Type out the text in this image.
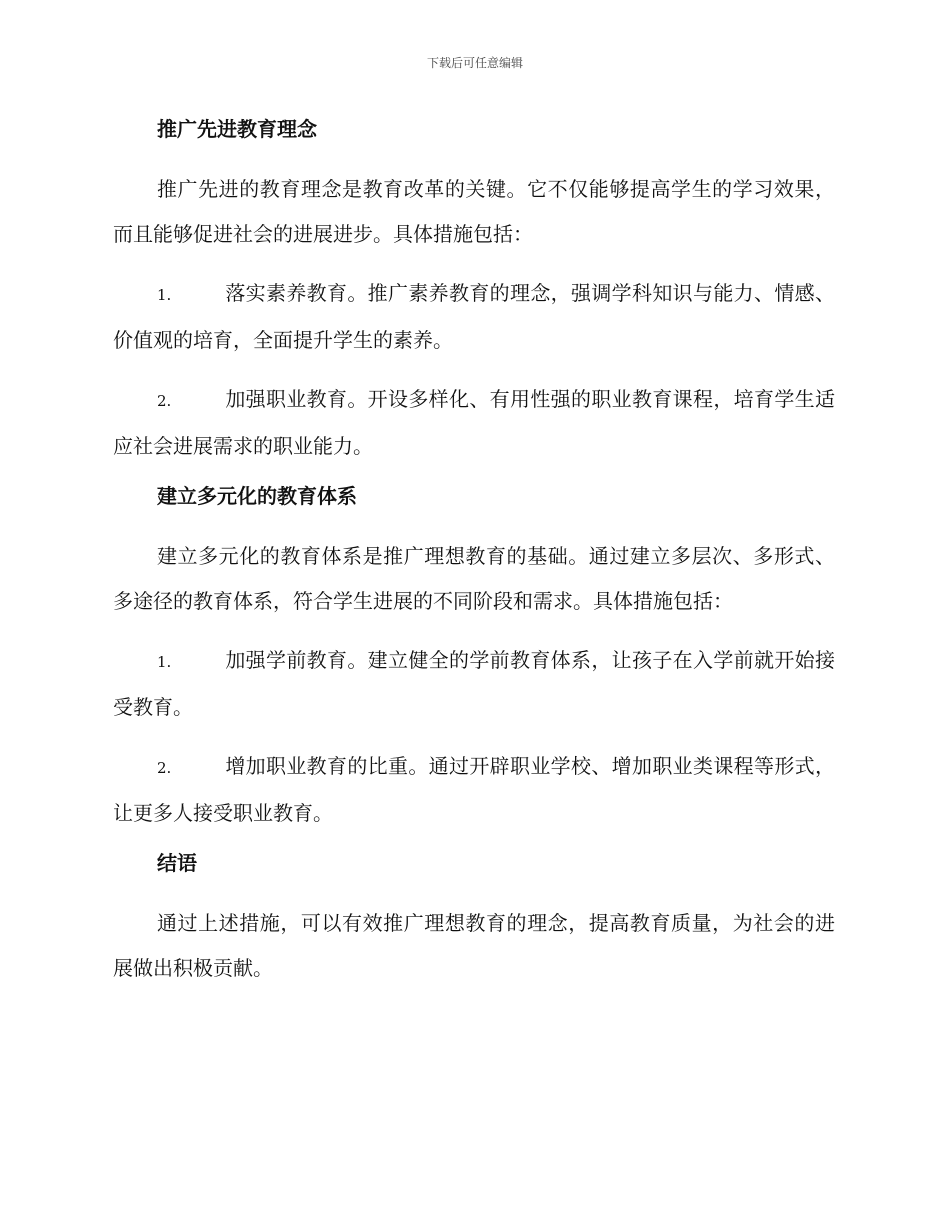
下载后可任意编辑
推广先进教育理念

推广先进的教育理念是教育改革的关键。它不仅能够提高学生的学习效果，而且能够促进社会的进展进步。具体措施包括：

1.	落实素养教育。推广素养教育的理念，强调学科知识与能力、情感、价值观的培育，全面提升学生的素养。

2.	加强职业教育。开设多样化、有用性强的职业教育课程，培育学生适应社会进展需求的职业能力。

建立多元化的教育体系

建立多元化的教育体系是推广理想教育的基础。通过建立多层次、多形式、多途径的教育体系，符合学生进展的不同阶段和需求。具体措施包括：

1.	加强学前教育。建立健全的学前教育体系，让孩子在入学前就开始接受教育。

2.	增加职业教育的比重。通过开辟职业学校、增加职业类课程等形式，让更多人接受职业教育。

结语

通过上述措施，可以有效推广理想教育的理念，提高教育质量，为社会的进展做出积极贡献。
